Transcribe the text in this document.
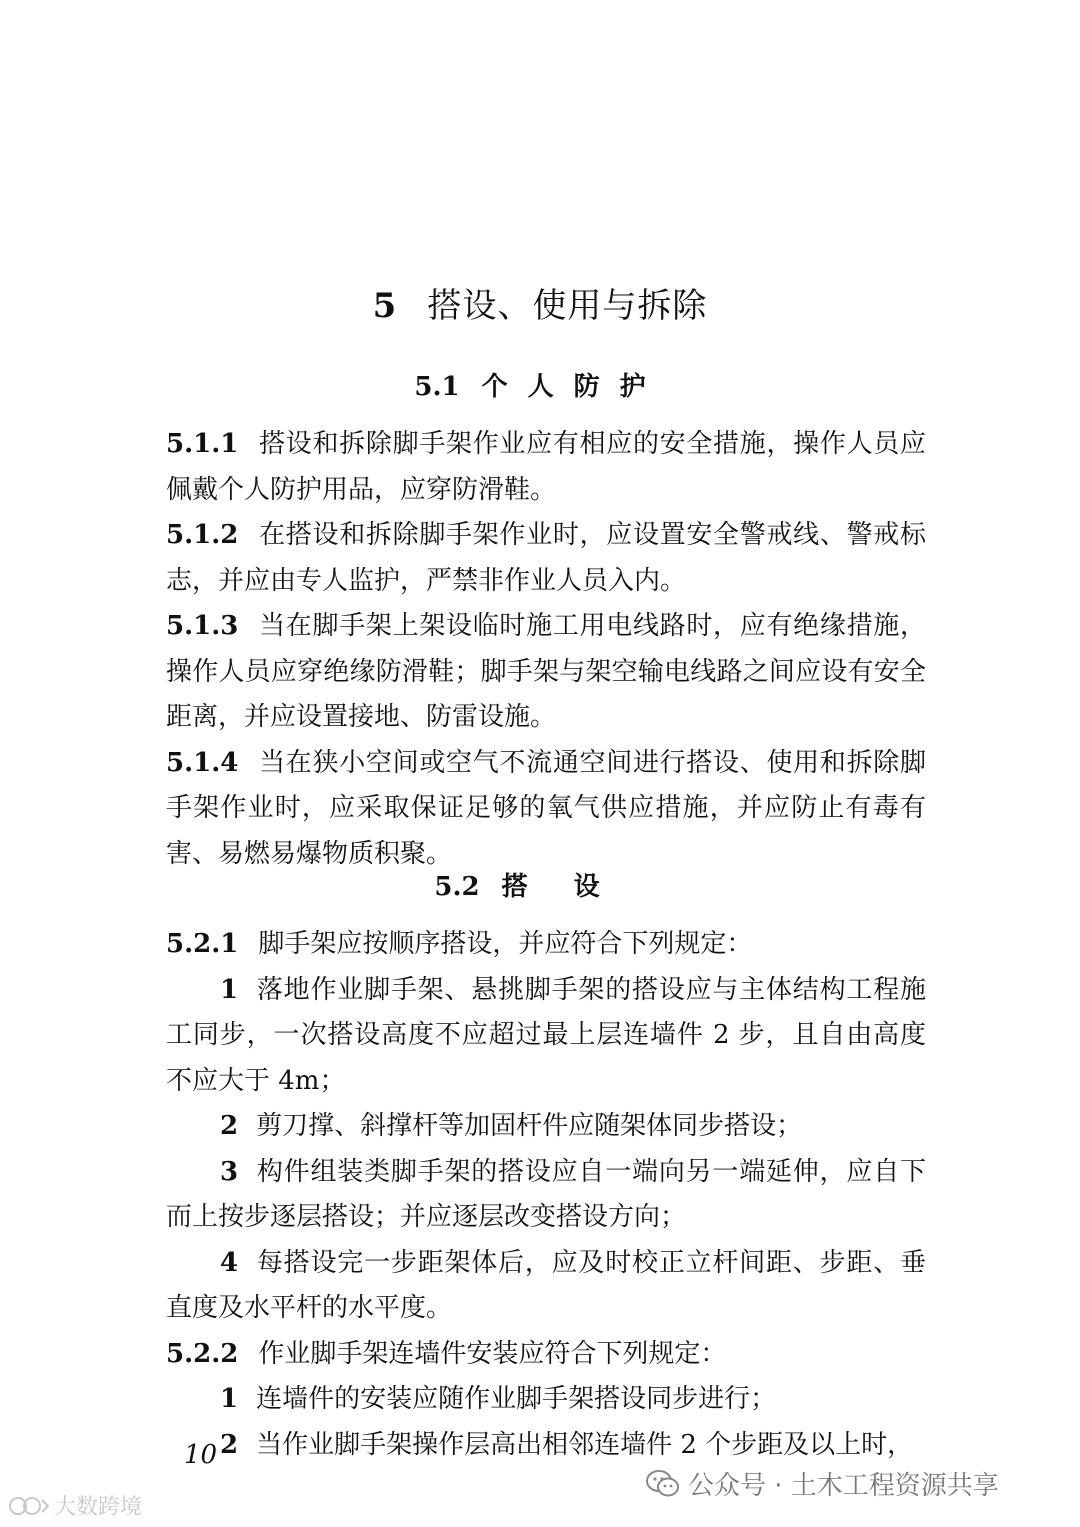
5 搭设、使用与拆除
5.1 个人防护

5.1.1 搭设和拆除脚手架作业应有相应的安全措施，操作人员应佩戴个人防护用品，应穿防滑鞋。

5.1.2 在搭设和拆除脚手架作业时，应设置安全警戒线、警戒标志，并应由专人监护，严禁非作业人员入内。

5.1.3 当在脚手架上架设临时施工用电线路时，应有绝缘措施，操作人员应穿绝缘防滑鞋；脚手架与架空输电线路之间应设有安全距离，并应设置接地、防雷设施。

5.1.4 当在狭小空间或空气不流通空间进行搭设、使用和拆除脚手架作业时，应采取保证足够的氧气供应措施，并应防止有毒有害、易燃易爆物质积聚。

5.2 搭设

5.2.1 脚手架应按顺序搭设，并应符合下列规定：

1 落地作业脚手架、悬挑脚手架的搭设应与主体结构工程施工同步，一次搭设高度不应超过最上层连墙件 2 步，且自由高度不应大于 4m；

2 剪刀撑、斜撑杆等加固杆件应随架体同步搭设；

3 构件组装类脚手架的搭设应自一端向另一端延伸，应自下而上按步逐层搭设；并应逐层改变搭设方向；

4 每搭设完一步距架体后，应及时校正立杆间距、步距、垂直度及水平杆的水平度。

5.2.2 作业脚手架连墙件安装应符合下列规定：

1 连墙件的安装应随作业脚手架搭设同步进行；

2 当作业脚手架操作层高出相邻连墙件 2 个步距及以上时，

10
公众号 · 土木工程资源共享
大数跨境
